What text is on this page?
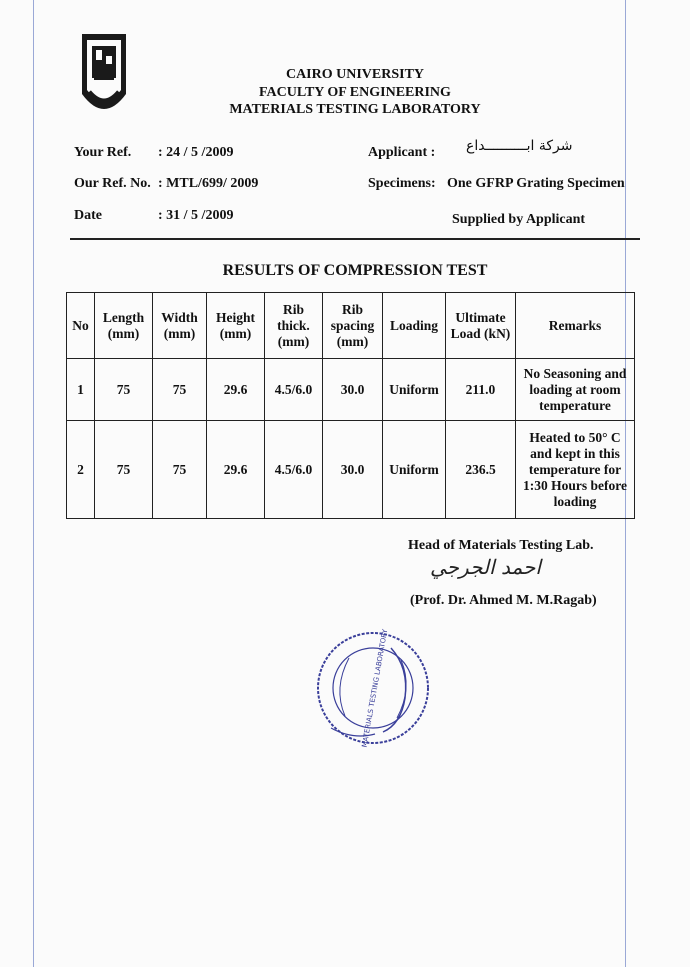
CAIRO UNIVERSITY
FACULTY OF ENGINEERING
MATERIALS TESTING LABORATORY
Your Ref. : 24 / 5 /2009
Our Ref. No. : MTL/699/ 2009
Date	: 31 / 5 /2009
Applicant : شركة ابــــــــــداع
Specimens: One GFRP Grating Specimen
Supplied by Applicant
RESULTS OF COMPRESSION TEST
No	Length (mm)	Width (mm)	Height (mm)	Rib thick. (mm)	Rib spacing (mm)	Loading	Ultimate Load (kN)	Remarks
1	75	75	29.6	4.5/6.0	30.0	Uniform	211.0	No Seasoning and loading at room temperature
2	75	75	29.6	4.5/6.0	30.0	Uniform	236.5	Heated to 50° C and kept in this temperature for 1:30 Hours before loading
Head of Materials Testing Lab.
احمد الجرجي
(Prof. Dr. Ahmed M. M.Ragab)
MATERIALS TESTING LABORATORY
